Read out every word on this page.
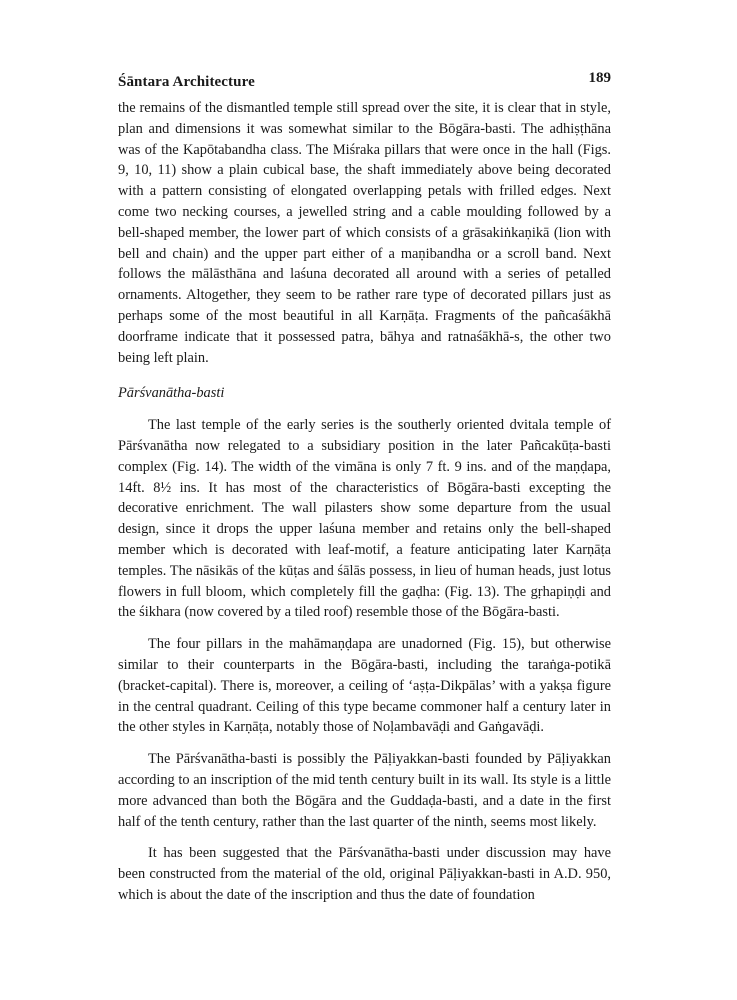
Śāntara Architecture	189

the remains of the dismantled temple still spread over the site, it is clear that in style, plan and dimensions it was somewhat similar to the Bōgāra-basti. The adhiṣṭhāna was of the Kapōtabandha class. The Miśraka pillars that were once in the hall (Figs. 9, 10, 11) show a plain cubical base, the shaft immediately above being decorated with a pattern consisting of elongated overlapping petals with frilled edges. Next come two necking courses, a jewelled string and a cable moulding followed by a bell-shaped member, the lower part of which consists of a grāsakiṅkaṇikā (lion with bell and chain) and the upper part either of a maṇibandha or a scroll band. Next follows the mālāsthāna and laśuna decorated all around with a series of petalled ornaments. Altogether, they seem to be rather rare type of decorated pillars just as perhaps some of the most beautiful in all Karṇāṭa. Fragments of the pañcaśākhā doorframe indicate that it possessed patra, bāhya and ratnaśākhā-s, the other two being left plain.

Pārśvanātha-basti

The last temple of the early series is the southerly oriented dvitala temple of Pārśvanātha now relegated to a subsidiary position in the later Pañcakūṭa-basti complex (Fig. 14). The width of the vimāna is only 7 ft. 9 ins. and of the maṇḍapa, 14ft. 8½ ins. It has most of the characteristics of Bōgāra-basti excepting the decorative enrichment. The wall pilasters show some departure from the usual design, since it drops the upper laśuna member and retains only the bell-shaped member which is decorated with leaf-motif, a feature anticipating later Karṇāṭa temples. The nāsikās of the kūṭas and śālās possess, in lieu of human heads, just lotus flowers in full bloom, which completely fill the gaḍha: (Fig. 13). The gṛhapiṇḍi and the śikhara (now covered by a tiled roof) resemble those of the Bōgāra-basti.

The four pillars in the mahāmaṇḍapa are unadorned (Fig. 15), but otherwise similar to their counterparts in the Bōgāra-basti, including the taraṅga-potikā (bracket-capital). There is, moreover, a ceiling of ‘aṣṭa-Dikpālas’ with a yakṣa figure in the central quadrant. Ceiling of this type became commoner half a century later in the other styles in Karṇāṭa, notably those of Noḷambavāḍi and Gaṅgavāḍi.

The Pārśvanātha-basti is possibly the Pāḷiyakkan-basti founded by Pāḷiyakkan according to an inscription of the mid tenth century built in its wall. Its style is a little more advanced than both the Bōgāra and the Guddaḍa-basti, and a date in the first half of the tenth century, rather than the last quarter of the ninth, seems most likely.

It has been suggested that the Pārśvanātha-basti under discussion may have been constructed from the material of the old, original Pāḷiyakkan-basti in A.D. 950, which is about the date of the inscription and thus the date of foundation
